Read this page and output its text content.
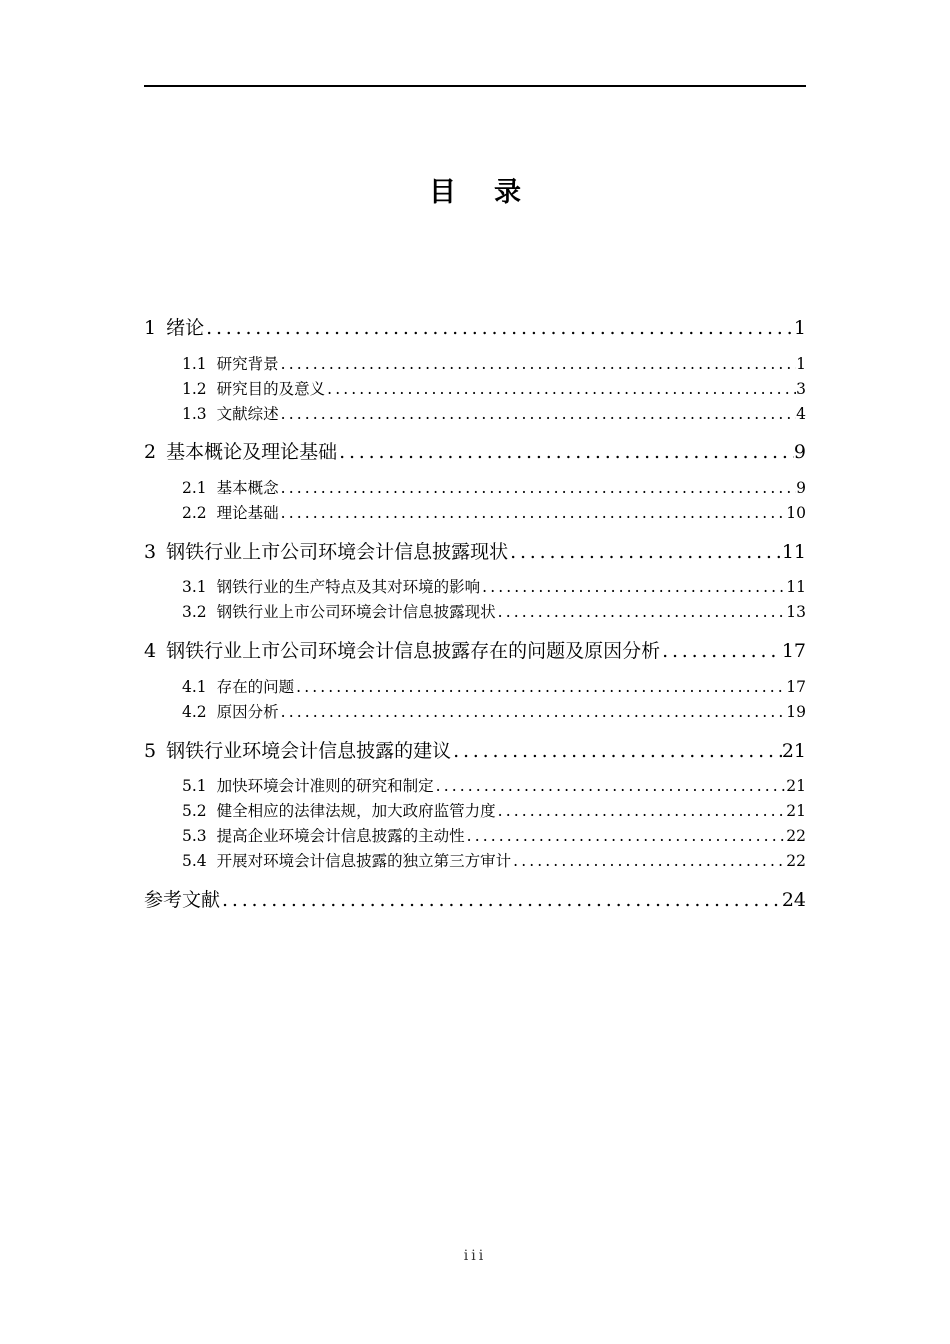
目 录
1 绪论 .....	1
1.1 研究背景 .....	1
1.2 研究目的及意义 .....	3
1.3 文献综述 .....	4
2 基本概论及理论基础 .....	9
2.1 基本概念 .....	9
2.2 理论基础 .....	10
3 钢铁行业上市公司环境会计信息披露现状 .....	11
3.1 钢铁行业的生产特点及其对环境的影响 .....	11
3.2 钢铁行业上市公司环境会计信息披露现状 .....	13
4 钢铁行业上市公司环境会计信息披露存在的问题及原因分析 .....	17
4.1 存在的问题 .....	17
4.2 原因分析 .....	19
5 钢铁行业环境会计信息披露的建议 .....	21
5.1 加快环境会计准则的研究和制定 .....	21
5.2 健全相应的法律法规，加大政府监管力度 .....	21
5.3 提高企业环境会计信息披露的主动性 .....	22
5.4 开展对环境会计信息披露的独立第三方审计 .....	22
参考文献 .....	24
iii
